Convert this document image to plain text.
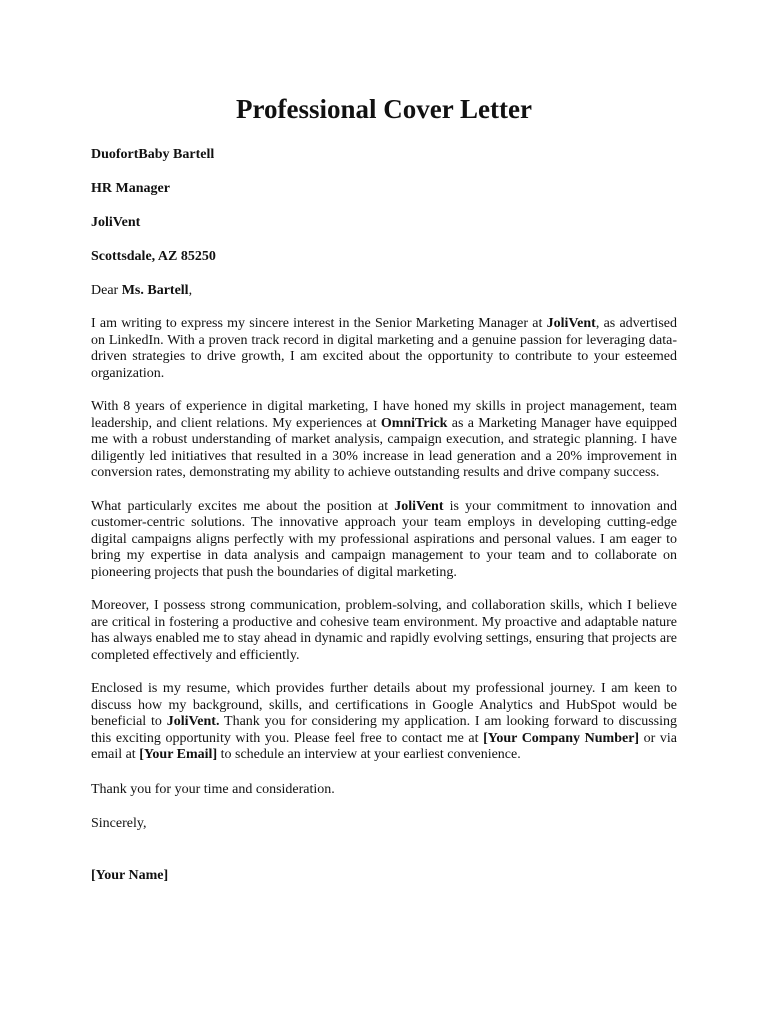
Professional Cover Letter

DuofortBaby Bartell

HR Manager

JoliVent

Scottsdale, AZ 85250

Dear Ms. Bartell,

I am writing to express my sincere interest in the Senior Marketing Manager at JoliVent, as advertised on LinkedIn. With a proven track record in digital marketing and a genuine passion for leveraging data-driven strategies to drive growth, I am excited about the opportunity to contribute to your esteemed organization.

With 8 years of experience in digital marketing, I have honed my skills in project management, team leadership, and client relations. My experiences at OmniTrick as a Marketing Manager have equipped me with a robust understanding of market analysis, campaign execution, and strategic planning. I have diligently led initiatives that resulted in a 30% increase in lead generation and a 20% improvement in conversion rates, demonstrating my ability to achieve outstanding results and drive company success.

What particularly excites me about the position at JoliVent is your commitment to innovation and customer-centric solutions. The innovative approach your team employs in developing cutting-edge digital campaigns aligns perfectly with my professional aspirations and personal values. I am eager to bring my expertise in data analysis and campaign management to your team and to collaborate on pioneering projects that push the boundaries of digital marketing.

Moreover, I possess strong communication, problem-solving, and collaboration skills, which I believe are critical in fostering a productive and cohesive team environment. My proactive and adaptable nature has always enabled me to stay ahead in dynamic and rapidly evolving settings, ensuring that projects are completed effectively and efficiently.

Enclosed is my resume, which provides further details about my professional journey. I am keen to discuss how my background, skills, and certifications in Google Analytics and HubSpot would be beneficial to JoliVent. Thank you for considering my application. I am looking forward to discussing this exciting opportunity with you. Please feel free to contact me at [Your Company Number] or via email at [Your Email] to schedule an interview at your earliest convenience.

Thank you for your time and consideration.

Sincerely,

[Your Name]
